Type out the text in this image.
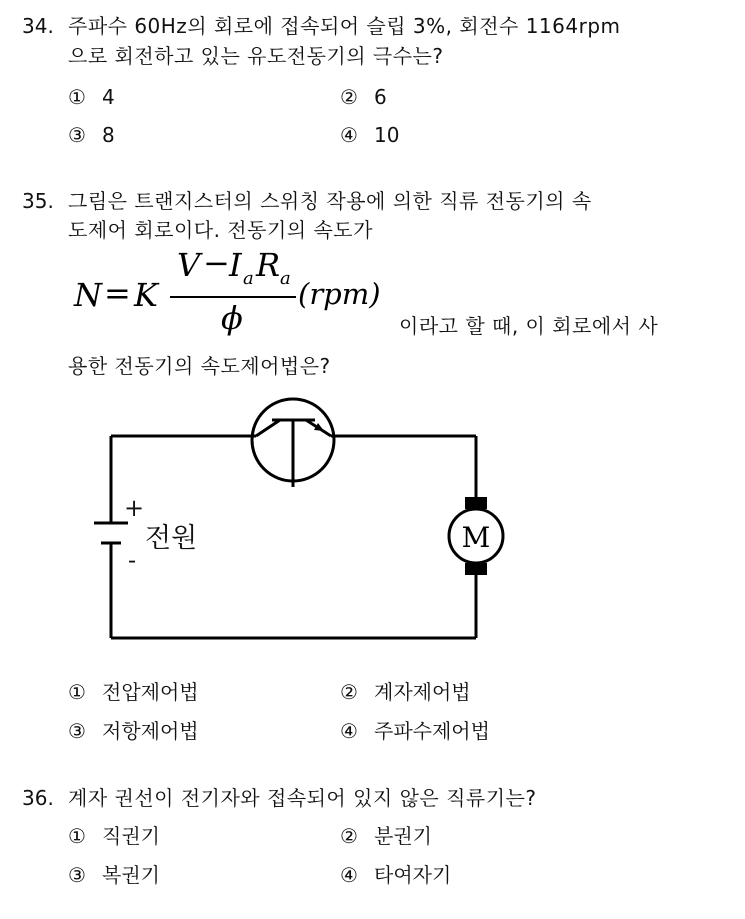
34. 주파수 60Hz의 회로에 접속되어 슬립 3%, 회전수 1164rpm
으로 회전하고 있는 유도전동기의 극수는?
① 4	② 6
③ 8	④ 10
35. 그림은 트랜지스터의 스위칭 작용에 의한 직류 전동기의 속
도제어 회로이다. 전동기의 속도가
N = K
V − I a R a
ϕ
(rpm)
이라고 할 때, 이 회로에서 사
용한 전동기의 속도제어법은?
M
+
-
전원
① 전압제어법	② 계자제어법
③ 저항제어법	④ 주파수제어법
36. 계자 권선이 전기자와 접속되어 있지 않은 직류기는?
① 직권기	② 분권기
③ 복권기	④ 타여자기
